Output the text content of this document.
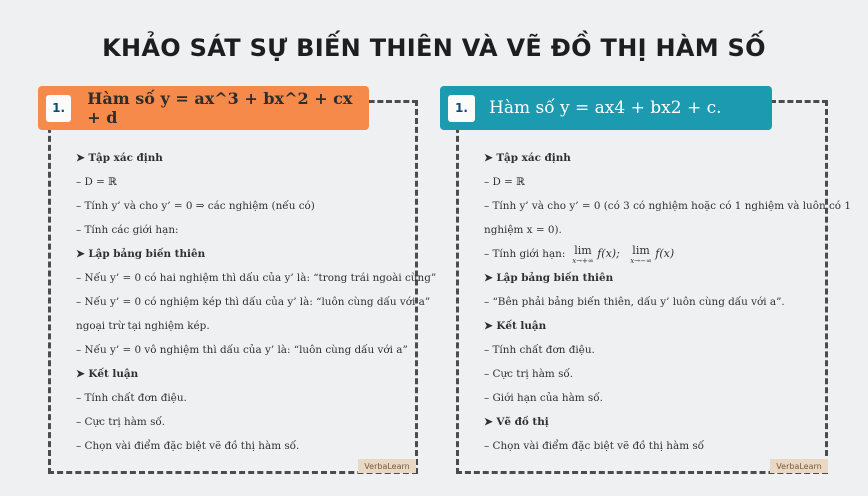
KHẢO SÁT SỰ BIẾN THIÊN VÀ VẼ ĐỒ THỊ HÀM SỐ
1.	Hàm số y = ax^3 + bx^2 + cx + d
➤ Tập xác định
– D = ℝ
– Tính y’ và cho y’ = 0 ⇒ các nghiệm (nếu có)
– Tính các giới hạn:
➤ Lập bảng biến thiên
– Nếu y’ = 0 có hai nghiệm thì dấu của y’ là: “trong trái ngoài cùng”
– Nếu y’ = 0 có nghiệm kép thì dấu của y’ là: “luôn cùng dấu với a”
ngoại trừ tại nghiệm kép.
– Nếu y’ = 0 vô nghiệm thì dấu của y’ là: “luôn cùng dấu với a”
➤ Kết luận
– Tính chất đơn điệu.
– Cực trị hàm số.
– Chọn vài điểm đặc biệt vẽ đồ thị hàm số.
VerbaLearn
1.	Hàm số y = ax4 + bx2 + c.
➤ Tập xác định
– D = ℝ
– Tính y’ và cho y’ = 0 (có 3 có nghiệm hoặc có 1 nghiệm và luôn có 1
nghiệm x = 0).
– Tính giới hạn: lim
x→+∞
f(x); lim
x→−∞
f(x)
➤ Lập bảng biến thiên
– “Bên phải bảng biến thiên, dấu y’ luôn cùng dấu với a”.
➤ Kết luận
– Tính chất đơn điệu.
– Cực trị hàm số.
– Giới hạn của hàm số.
➤ Vẽ đồ thị
– Chọn vài điểm đặc biệt vẽ đồ thị hàm số
VerbaLearn
